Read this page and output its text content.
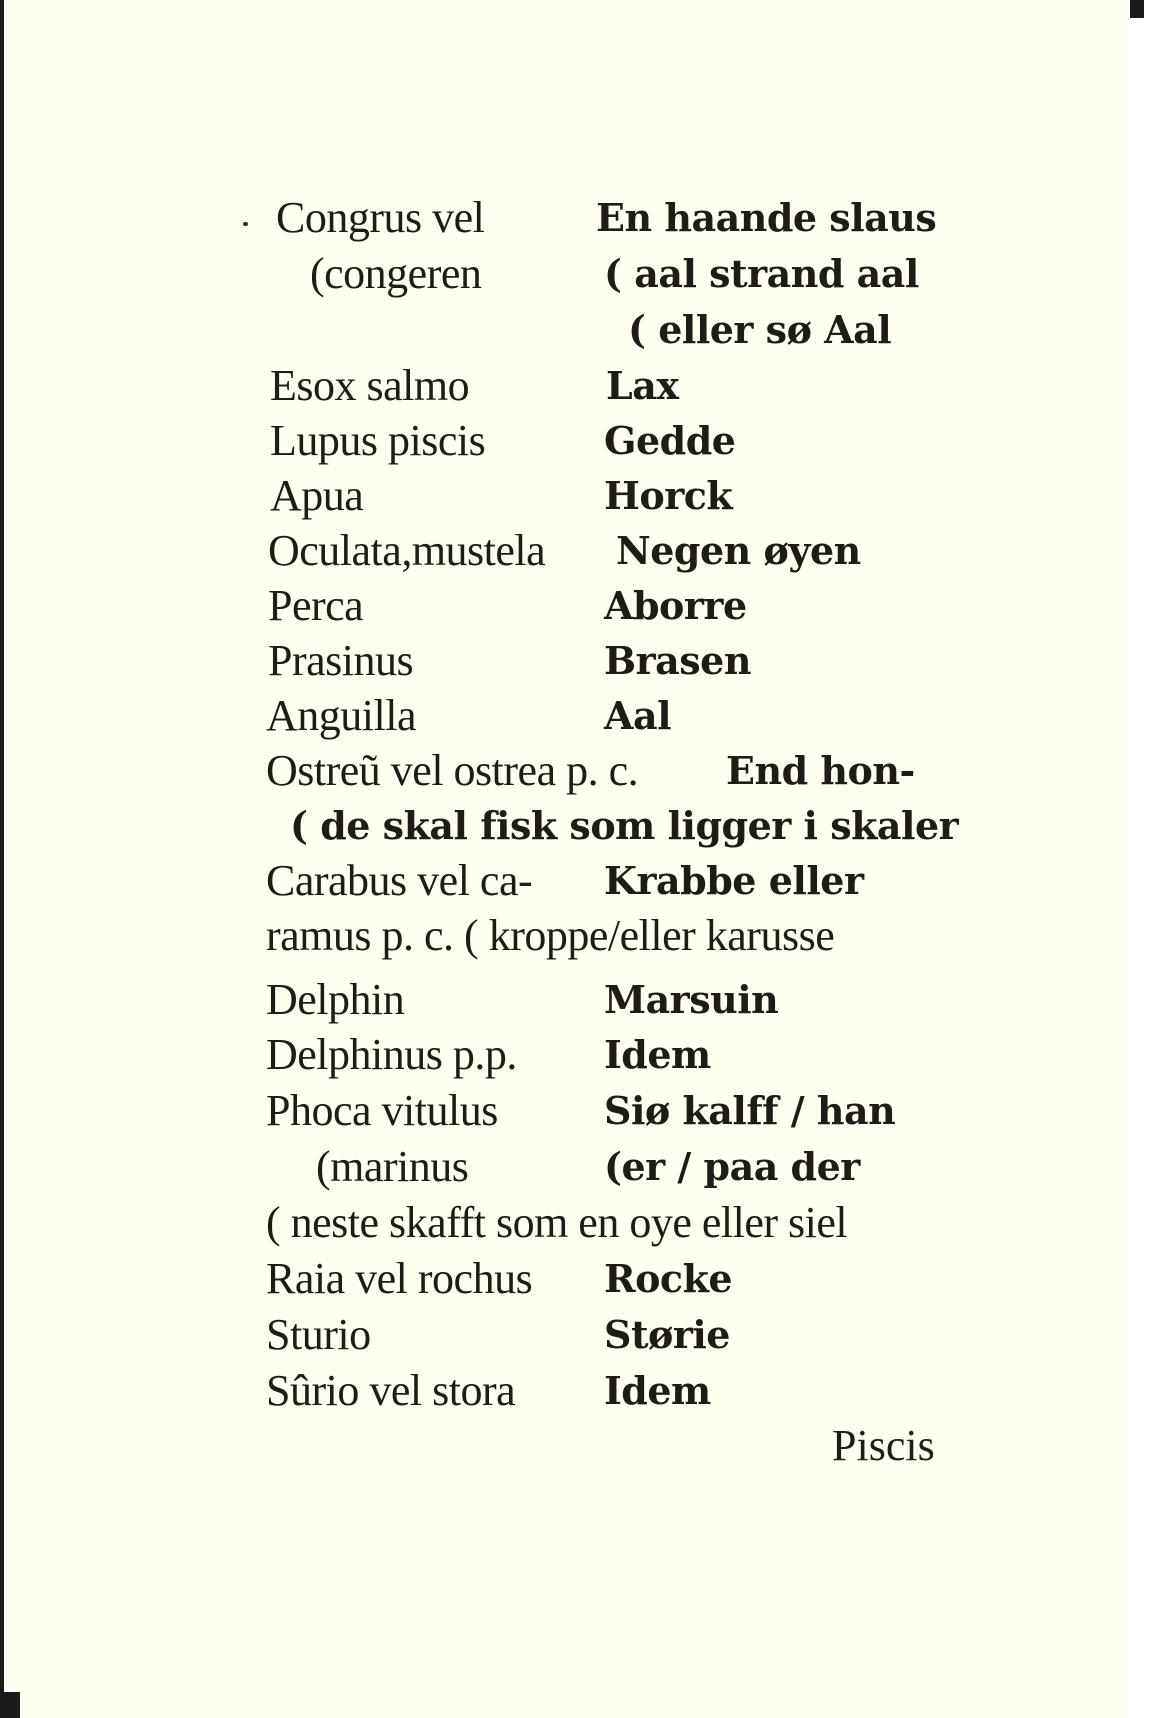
Congrus vel	En haande slaus
(congeren	( aal strand aal
( eller sø Aal
Esox salmo	Lax
Lupus piscis	Gedde
Apua	Horck
Oculata,mustela Negen øyen
Perca	Aborre
Prasinus	Brasen
Anguilla	Aal
Ostreũ vel ostrea p. c. End hon-
( de skal fisk som ligger i skaler
Carabus vel ca- Krabbe eller
ramus p. c. ( kroppe/eller karusse
Delphin	Marsuin
Delphinus p.p. Idem
Phoca vitulus	Siø kalff / han
(marinus	(er / paa der
( neste skafft som en oye eller siel
Raia vel rochus Rocke
Sturio	Størie
Sûrio vel stora Idem
Piscis
